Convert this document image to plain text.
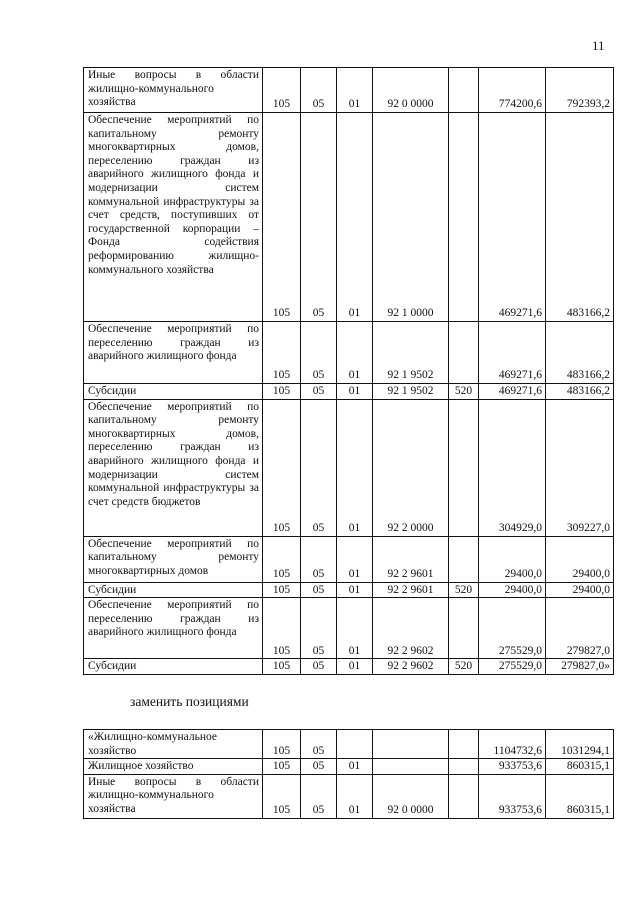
11
Иные вопросы в области жилищно-коммунального хозяйства	105	05	01	92 0 0000		774200,6	792393,2
Обеспечение мероприятий по капитальному ремонту многоквартирных домов, переселению граждан из аварийного жилищного фонда и модернизации систем коммунальной инфраструктуры за счет средств, поступивших от государственной корпорации – Фонда содействия реформированию жилищно-коммунального хозяйства	105	05	01	92 1 0000		469271,6	483166,2
Обеспечение мероприятий по переселению граждан из аварийного жилищного фонда	105	05	01	92 1 9502		469271,6	483166,2
Субсидии	105	05	01	92 1 9502	520	469271,6	483166,2
Обеспечение мероприятий по капитальному ремонту многоквартирных домов, переселению граждан из аварийного жилищного фонда и модернизации систем коммунальной инфраструктуры за счет средств бюджетов	105	05	01	92 2 0000		304929,0	309227,0
Обеспечение мероприятий по капитальному ремонту многоквартирных домов	105	05	01	92 2 9601		29400,0	29400,0
Субсидии	105	05	01	92 2 9601	520	29400,0	29400,0
Обеспечение мероприятий по переселению граждан из аварийного жилищного фонда	105	05	01	92 2 9602		275529,0	279827,0
Субсидии	105	05	01	92 2 9602	520	275529,0	279827,0»
заменить позициями
«Жилищно-коммунальное хозяйство	105	05				1104732,6	1031294,1
Жилищное хозяйство	105	05	01			933753,6	860315,1
Иные вопросы в области жилищно-коммунального хозяйства	105	05	01	92 0 0000		933753,6	860315,1
